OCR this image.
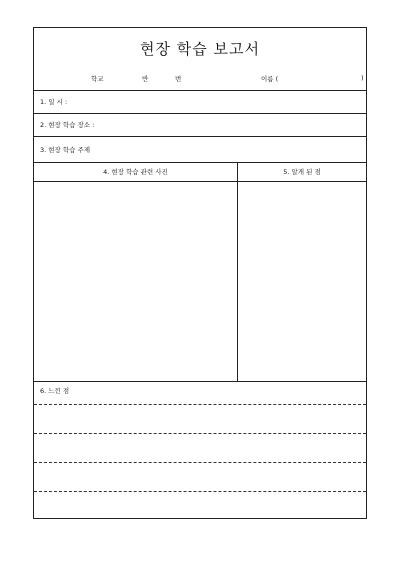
현장 학습 보고서
학교	반	번	이름 (	)
1. 일 시 :
2. 현장 학습 장소 :
3. 현장 학습 주제
4. 현장 학습 관련 사진	5. 알게 된 점
6. 느낀 점
